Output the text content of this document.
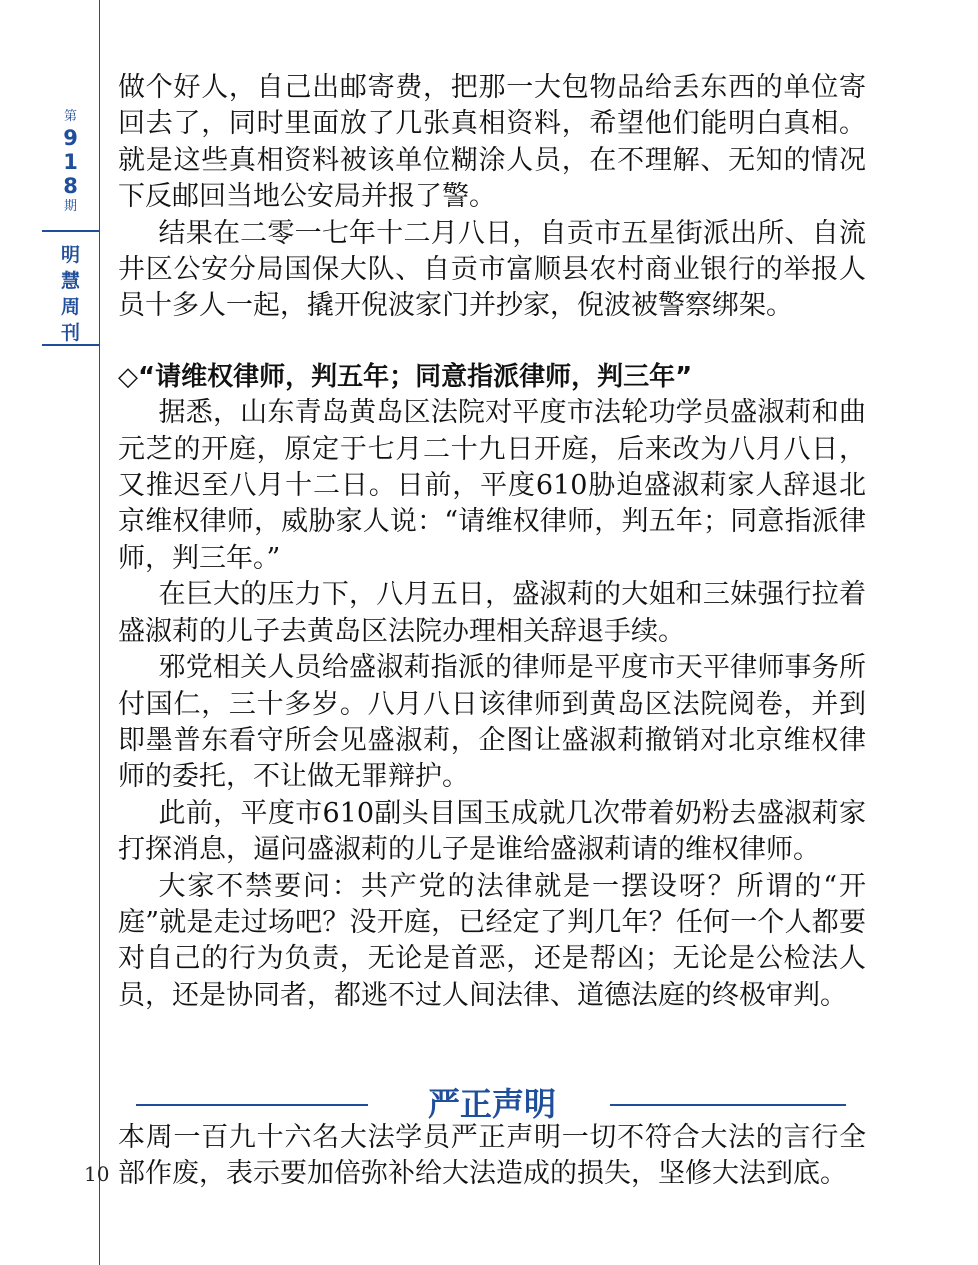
第
9
1
8
期
明
慧
周
刊

做个好人，自己出邮寄费，把那一大包物品给丢东西的单位寄回去了，同时里面放了几张真相资料，希望他们能明白真相。就是这些真相资料被该单位糊涂人员，在不理解、无知的情况下反邮回当地公安局并报了警。

结果在二零一七年十二月八日，自贡市五星街派出所、自流井区公安分局国保大队、自贡市富顺县农村商业银行的举报人员十多人一起，撬开倪波家门并抄家，倪波被警察绑架。

◇“请维权律师，判五年；同意指派律师，判三年”

据悉，山东青岛黄岛区法院对平度市法轮功学员盛淑莉和曲元芝的开庭，原定于七月二十九日开庭，后来改为八月八日，又推迟至八月十二日。日前，平度610胁迫盛淑莉家人辞退北京维权律师，威胁家人说：“请维权律师，判五年；同意指派律师，判三年。”

在巨大的压力下，八月五日，盛淑莉的大姐和三妹强行拉着盛淑莉的儿子去黄岛区法院办理相关辞退手续。

邪党相关人员给盛淑莉指派的律师是平度市天平律师事务所付国仁，三十多岁。八月八日该律师到黄岛区法院阅卷，并到即墨普东看守所会见盛淑莉，企图让盛淑莉撤销对北京维权律师的委托，不让做无罪辩护。

此前，平度市610副头目国玉成就几次带着奶粉去盛淑莉家打探消息，逼问盛淑莉的儿子是谁给盛淑莉请的维权律师。

大家不禁要问：共产党的法律就是一摆设呀？所谓的“开庭”就是走过场吧？没开庭，已经定了判几年？任何一个人都要对自己的行为负责，无论是首恶，还是帮凶；无论是公检法人员，还是协同者，都逃不过人间法律、道德法庭的终极审判。

严正声明
本周一百九十六名大法学员严正声明一切不符合大法的言行全部作废，表示要加倍弥补给大法造成的损失，坚修大法到底。
10
